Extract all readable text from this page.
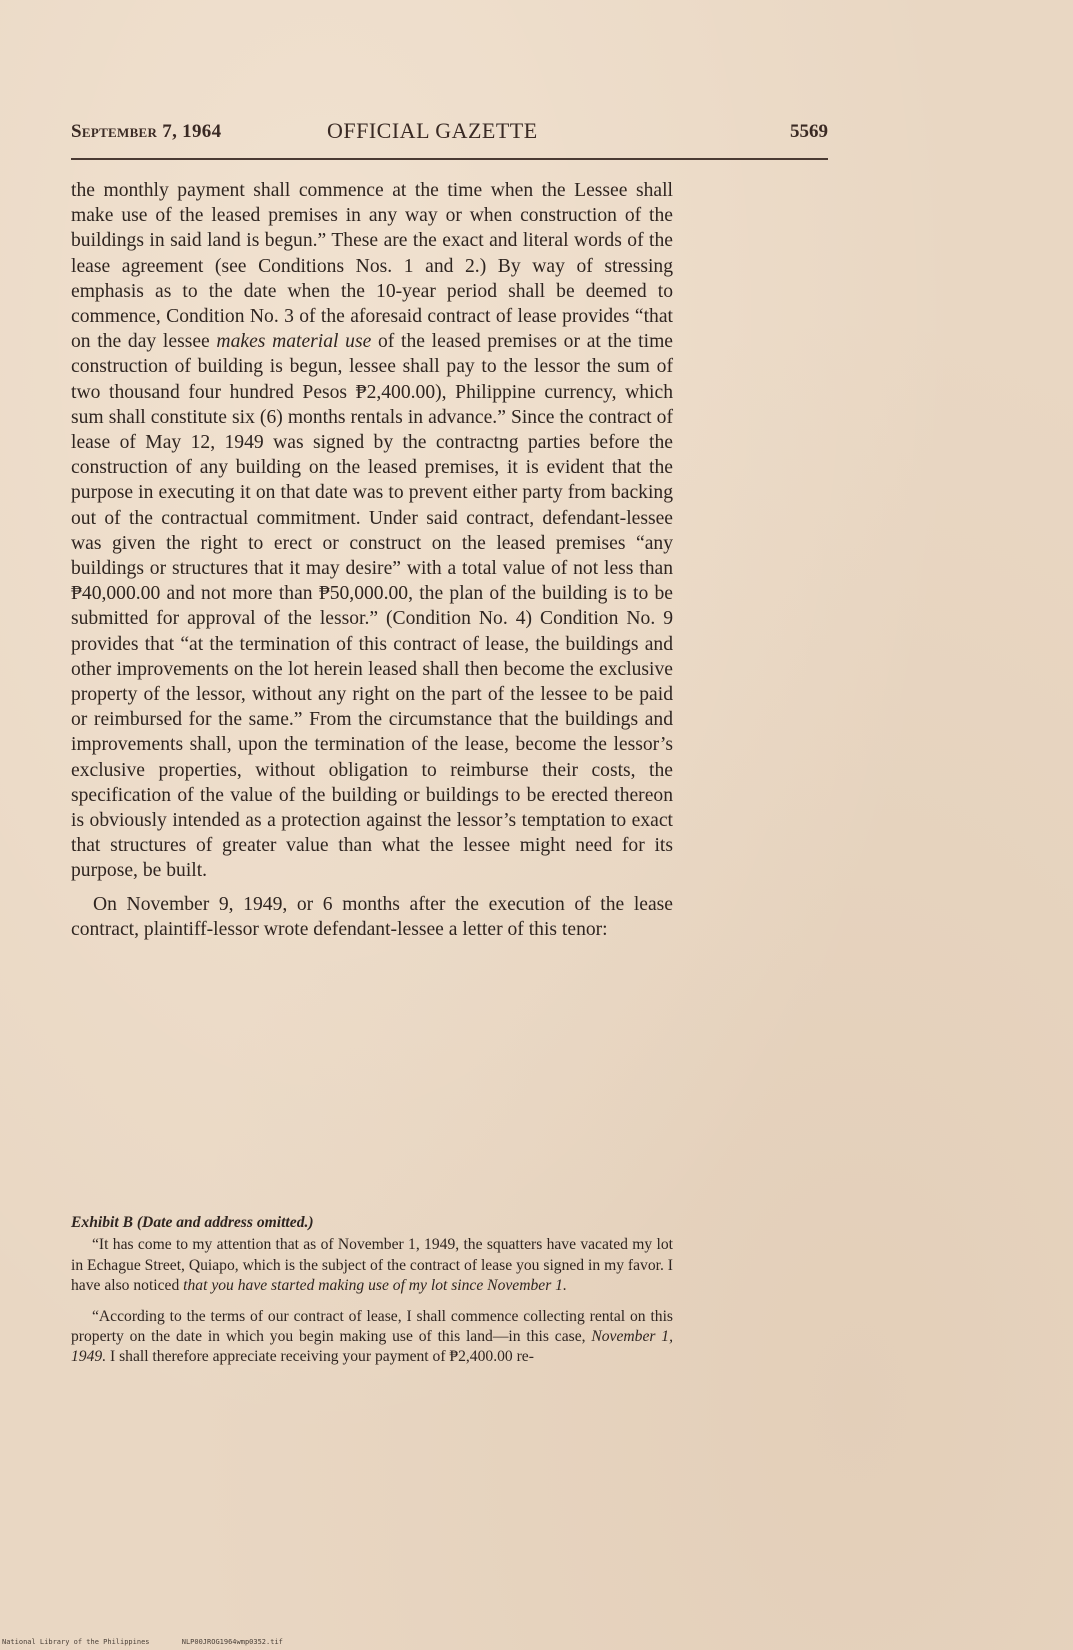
September 7, 1964	OFFICIAL GAZETTE	5569

the monthly payment shall commence at the time when the Lessee shall make use of the leased premises in any way or when construction of the buildings in said land is begun.” These are the exact and literal words of the lease agreement (see Conditions Nos. 1 and 2.) By way of stressing emphasis as to the date when the 10-year period shall be deemed to commence, Condition No. 3 of the aforesaid contract of lease provides “that on the day lessee makes material use of the leased premises or at the time construction of building is begun, lessee shall pay to the lessor the sum of two thousand four hundred Pesos ₱2,400.00), Philippine currency, which sum shall constitute six (6) months rentals in advance.” Since the contract of lease of May 12, 1949 was signed by the contractng parties before the construction of any building on the leased premises, it is evident that the purpose in executing it on that date was to prevent either party from backing out of the contractual commitment. Under said contract, defendant-lessee was given the right to erect or construct on the leased premises “any buildings or structures that it may desire” with a total value of not less than ₱40,000.00 and not more than ₱50,000.00, the plan of the building is to be submitted for approval of the lessor.” (Condition No. 4) Condition No. 9 provides that “at the termination of this contract of lease, the buildings and other improvements on the lot herein leased shall then become the exclusive property of the lessor, without any right on the part of the lessee to be paid or reimbursed for the same.” From the circumstance that the buildings and improvements shall, upon the termination of the lease, become the lessor’s exclusive properties, without obligation to reimburse their costs, the specification of the value of the building or buildings to be erected thereon is obviously intended as a protection against the lessor’s temptation to exact that structures of greater value than what the lessee might need for its purpose, be built.

On November 9, 1949, or 6 months after the execution of the lease contract, plaintiff-lessor wrote defendant-lessee a letter of this tenor:

Exhibit B (Date and address omitted.)

“It has come to my attention that as of November 1, 1949, the squatters have vacated my lot in Echague Street, Quiapo, which is the subject of the contract of lease you signed in my favor. I have also noticed that you have started making use of my lot since November 1.

“According to the terms of our contract of lease, I shall commence collecting rental on this property on the date in which you begin making use of this land—in this case, November 1, 1949. I shall therefore appreciate receiving your payment of ₱2,400.00 re-

National Library of the Philippines	NLP00JROG1964wmp0352.tif
